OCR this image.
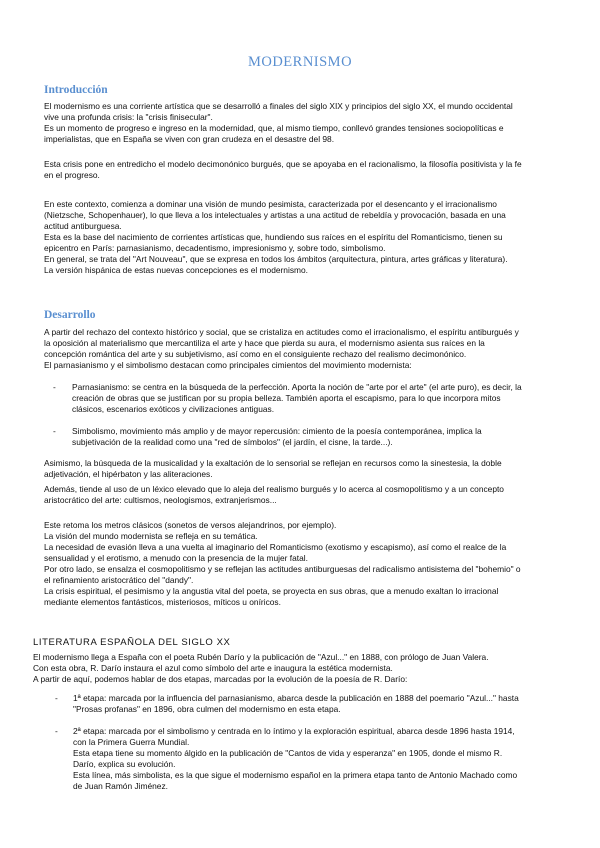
MODERNISMO
Introducción

El modernismo es una corriente artística que se desarrolló a finales del siglo XIX y principios del siglo XX, el mundo occidental

vive una profunda crisis: la "crisis finisecular".

Es un momento de progreso e ingreso en la modernidad, que, al mismo tiempo, conllevó grandes tensiones sociopolíticas e

imperialistas, que en España se viven con gran crudeza en el desastre del 98.

Esta crisis pone en entredicho el modelo decimonónico burgués, que se apoyaba en el racionalismo, la filosofía positivista y la fe

en el progreso.

En este contexto, comienza a dominar una visión de mundo pesimista, caracterizada por el desencanto y el irracionalismo

(Nietzsche, Schopenhauer), lo que lleva a los intelectuales y artistas a una actitud de rebeldía y provocación, basada en una

actitud antiburguesa.

Esta es la base del nacimiento de corrientes artísticas que, hundiendo sus raíces en el espíritu del Romanticismo, tienen su

epicentro en París: parnasianismo, decadentismo, impresionismo y, sobre todo, simbolismo.

En general, se trata del "Art Nouveau", que se expresa en todos los ámbitos (arquitectura, pintura, artes gráficas y literatura).

La versión hispánica de estas nuevas concepciones es el modernismo.

Desarrollo

A partir del rechazo del contexto histórico y social, que se cristaliza en actitudes como el irracionalismo, el espíritu antiburgués y

la oposición al materialismo que mercantiliza el arte y hace que pierda su aura, el modernismo asienta sus raíces en la

concepción romántica del arte y su subjetivismo, así como en el consiguiente rechazo del realismo decimonónico.

El parnasianismo y el simbolismo destacan como principales cimientos del movimiento modernista:

- Parnasianismo: se centra en la búsqueda de la perfección. Aporta la noción de "arte por el arte" (el arte puro), es decir, la

creación de obras que se justifican por su propia belleza. También aporta el escapismo, para lo que incorpora mitos

clásicos, escenarios exóticos y civilizaciones antiguas.

- Simbolismo, movimiento más amplio y de mayor repercusión: cimiento de la poesía contemporánea, implica la

subjetivación de la realidad como una "red de símbolos" (el jardín, el cisne, la tarde...).

Asimismo, la búsqueda de la musicalidad y la exaltación de lo sensorial se reflejan en recursos como la sinestesia, la doble

adjetivación, el hipérbaton y las aliteraciones.

Además, tiende al uso de un léxico elevado que lo aleja del realismo burgués y lo acerca al cosmopolitismo y a un concepto

aristocrático del arte: cultismos, neologismos, extranjerismos...

Este retoma los metros clásicos (sonetos de versos alejandrinos, por ejemplo).

La visión del mundo modernista se refleja en su temática.

La necesidad de evasión lleva a una vuelta al imaginario del Romanticismo (exotismo y escapismo), así como el realce de la

sensualidad y el erotismo, a menudo con la presencia de la mujer fatal.

Por otro lado, se ensalza el cosmopolitismo y se reflejan las actitudes antiburguesas del radicalismo antisistema del "bohemio" o

el refinamiento aristocrático del "dandy".

La crisis espiritual, el pesimismo y la angustia vital del poeta, se proyecta en sus obras, que a menudo exaltan lo irracional

mediante elementos fantásticos, misteriosos, míticos u oníricos.

LITERATURA ESPAÑOLA DEL SIGLO XX

El modernismo llega a España con el poeta Rubén Darío y la publicación de "Azul..." en 1888, con prólogo de Juan Valera.

Con esta obra, R. Darío instaura el azul como símbolo del arte e inaugura la estética modernista.

A partir de aquí, podemos hablar de dos etapas, marcadas por la evolución de la poesía de R. Darío:

- 1ª etapa: marcada por la influencia del parnasianismo, abarca desde la publicación en 1888 del poemario "Azul..." hasta

"Prosas profanas" en 1896, obra culmen del modernismo en esta etapa.

- 2ª etapa: marcada por el simbolismo y centrada en lo íntimo y la exploración espiritual, abarca desde 1896 hasta 1914,

con la Primera Guerra Mundial.

Esta etapa tiene su momento álgido en la publicación de "Cantos de vida y esperanza" en 1905, donde el mismo R.

Darío, explica su evolución.

Esta línea, más simbolista, es la que sigue el modernismo español en la primera etapa tanto de Antonio Machado como

de Juan Ramón Jiménez.
